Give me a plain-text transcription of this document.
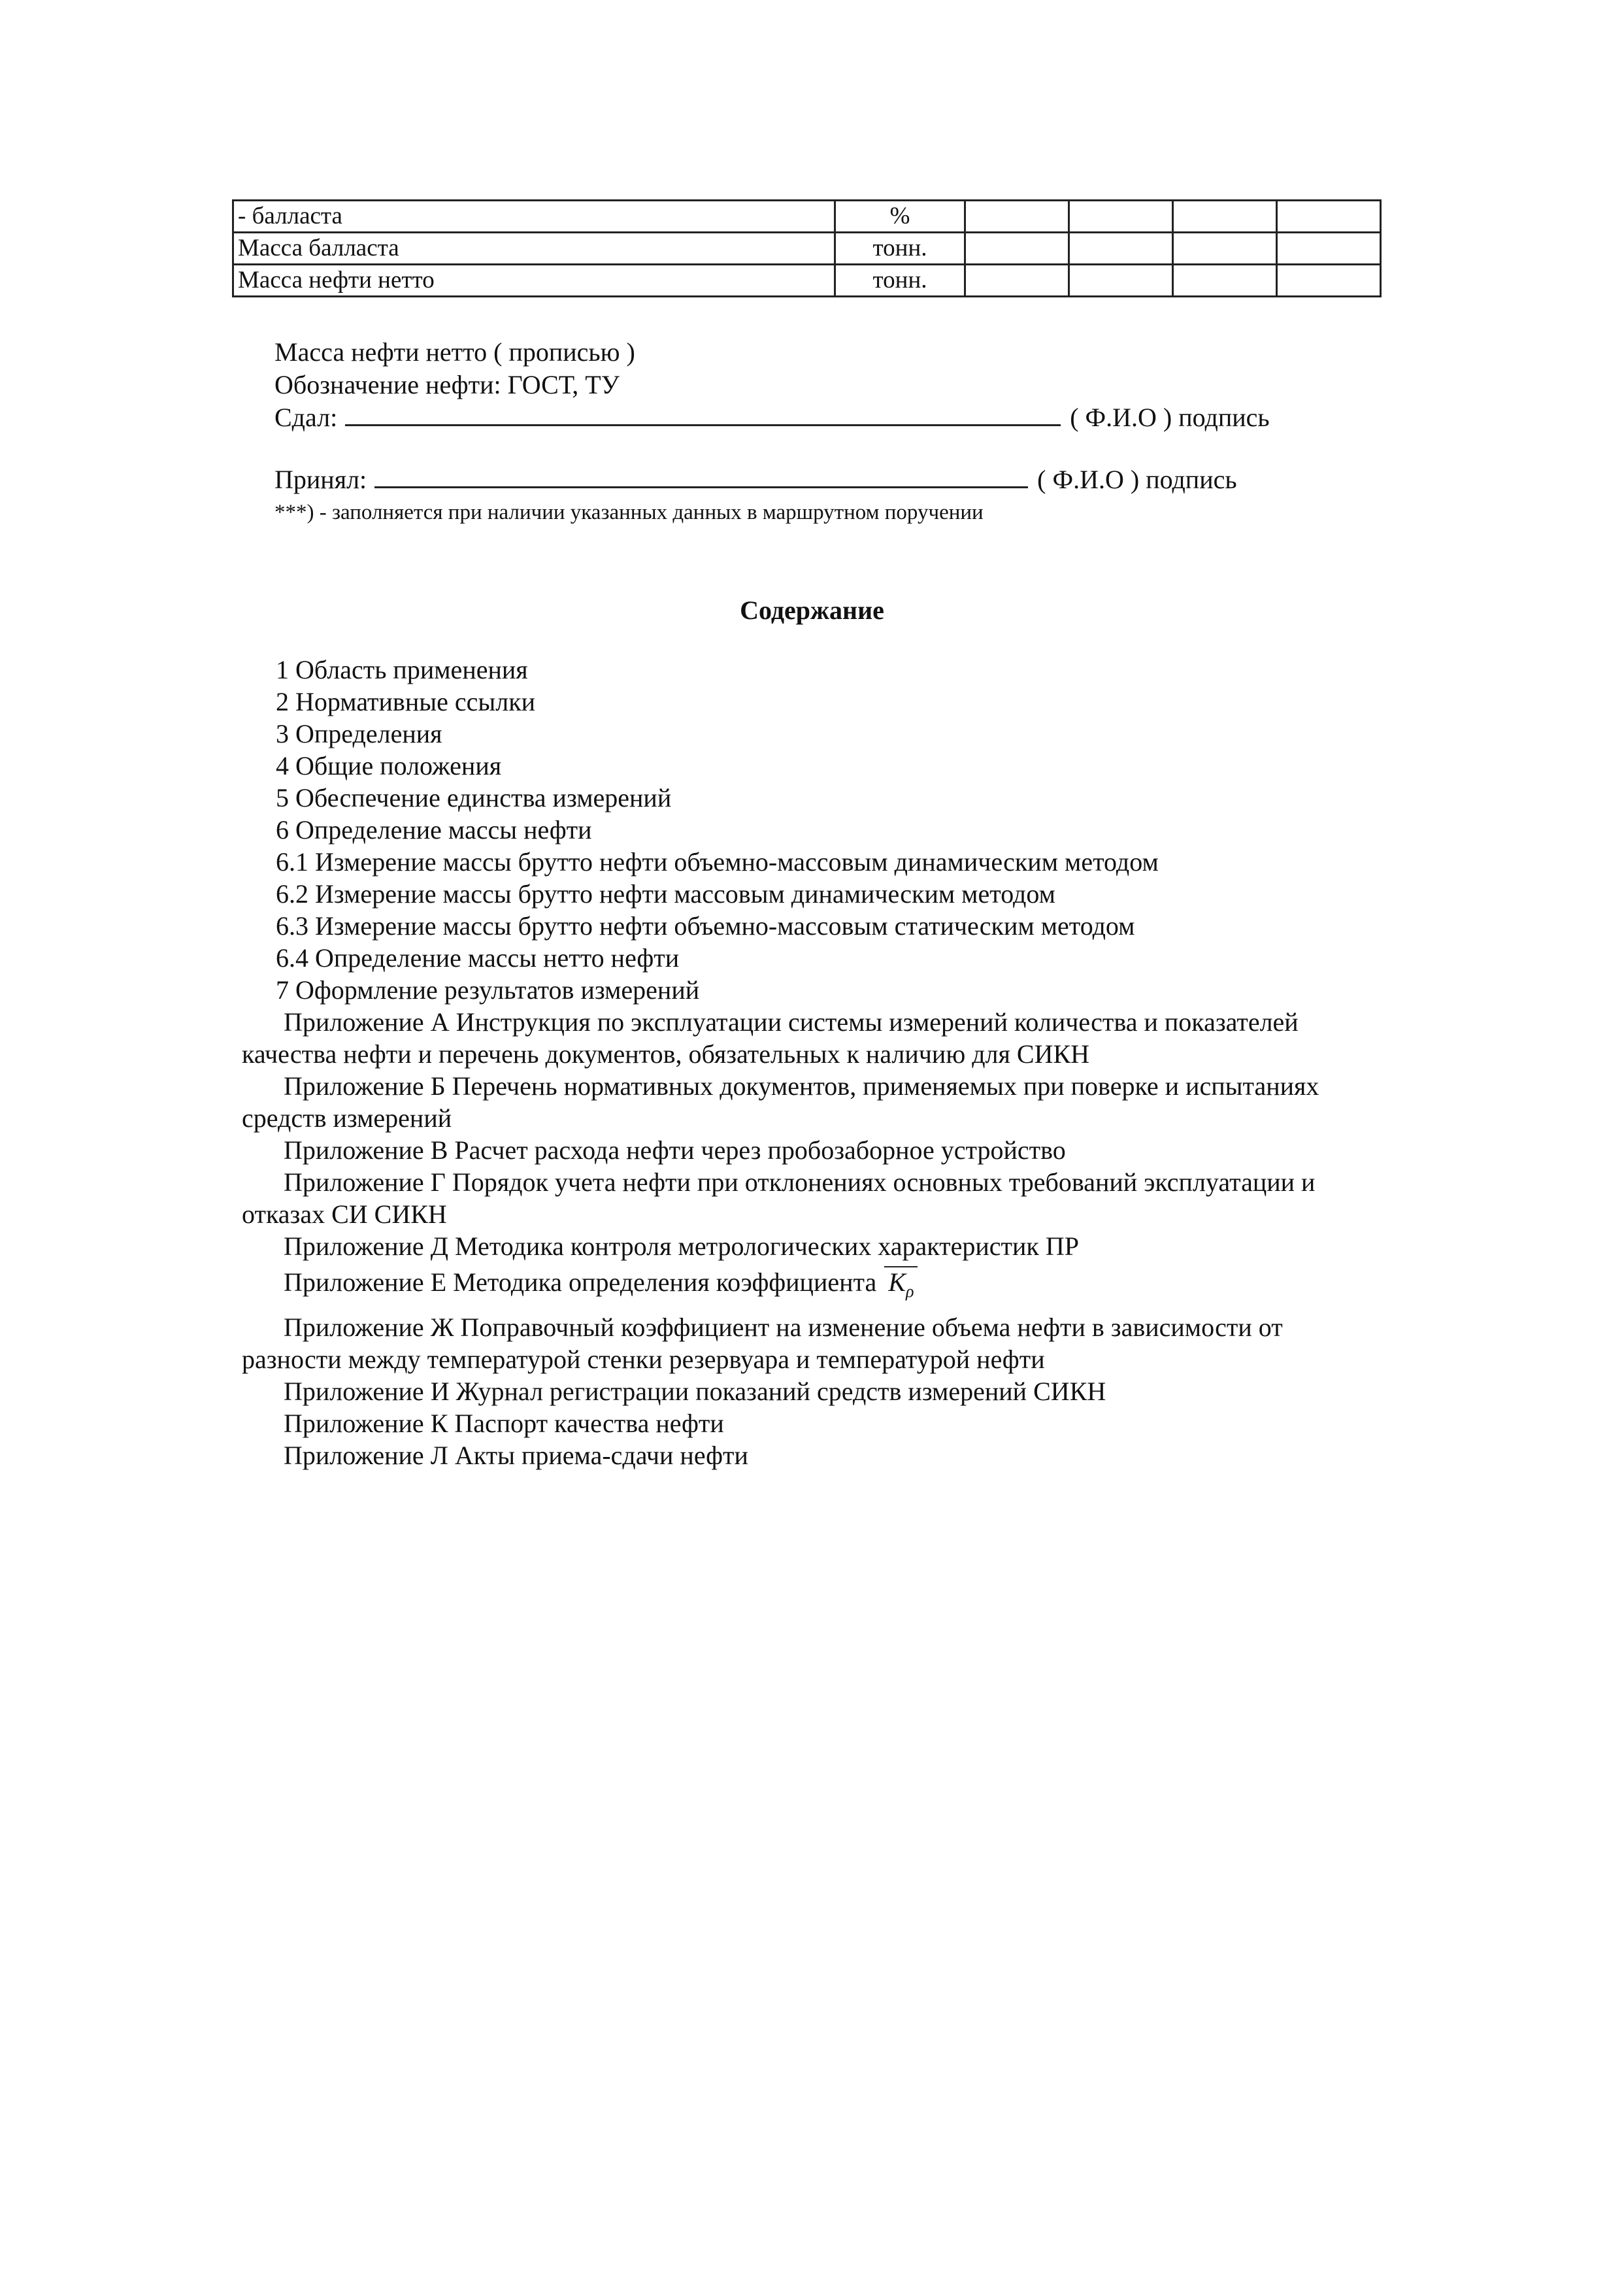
- балласта	%				
Масса балласта	тонн.				
Масса нефти нетто	тонн.				
Масса нефти нетто ( прописью )
Обозначение нефти: ГОСТ, ТУ
Сдал:	( Ф.И.О ) подпись
Принял:	( Ф.И.О ) подпись
***) - заполняется при наличии указанных данных в маршрутном поручении
Содержание
1 Область применения
2 Нормативные ссылки
3 Определения
4 Общие положения
5 Обеспечение единства измерений
6 Определение массы нефти
6.1 Измерение массы брутто нефти объемно-массовым динамическим методом
6.2 Измерение массы брутто нефти массовым динамическим методом
6.3 Измерение массы брутто нефти объемно-массовым статическим методом
6.4 Определение массы нетто нефти
7 Оформление результатов измерений
Приложение А Инструкция по эксплуатации системы измерений количества и показателей качества нефти и перечень документов, обязательных к наличию для СИКН
Приложение Б Перечень нормативных документов, применяемых при поверке и испытаниях средств измерений
Приложение В Расчет расхода нефти через пробозаборное устройство
Приложение Г Порядок учета нефти при отклонениях основных требований эксплуатации и отказах СИ СИКН
Приложение Д Методика контроля метрологических характеристик ПР
Приложение Е Методика определения коэффициента $K_\rho$
Приложение Ж Поправочный коэффициент на изменение объема нефти в зависимости от разности между температурой стенки резервуара и температурой нефти
Приложение И Журнал регистрации показаний средств измерений СИКН
Приложение К Паспорт качества нефти
Приложение Л Акты приема-сдачи нефти
